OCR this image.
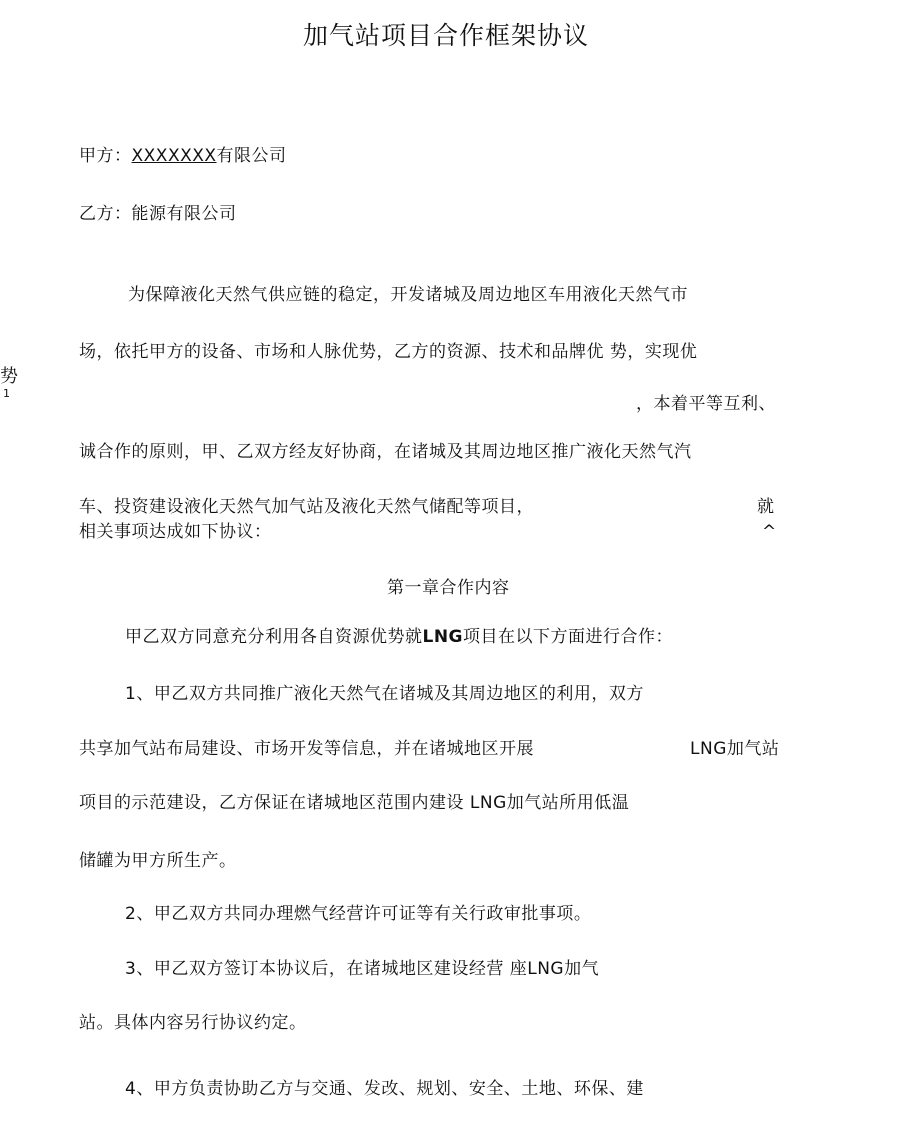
加气站项目合作框架协议
甲方：XXXXXXX有限公司
乙方：能源有限公司
势
1
为保障液化天然气供应链的稳定，开发诸城及周边地区车用液化天然气市
场，依托甲方的设备、市场和人脉优势，乙方的资源、技术和品牌优 势，实现优
，本着平等互利、
诚合作的原则，甲、乙双方经友好协商，在诸城及其周边地区推广液化天然气汽
车、投资建设液化天然气加气站及液化天然气储配等项目，	就
相关事项达成如下协议：	^
第一章合作内容
甲乙双方同意充分利用各自资源优势就LNG项目在以下方面进行合作：
1、甲乙双方共同推广液化天然气在诸城及其周边地区的利用，双方
共享加气站布局建设、市场开发等信息，并在诸城地区开展	LNG加气站
项目的示范建设，乙方保证在诸城地区范围内建设 LNG加气站所用低温
储罐为甲方所生产。
2、甲乙双方共同办理燃气经营许可证等有关行政审批事项。
3、甲乙双方签订本协议后，在诸城地区建设经营 座LNG加气
站。具体内容另行协议约定。
4、甲方负责协助乙方与交通、发改、规划、安全、土地、环保、建
